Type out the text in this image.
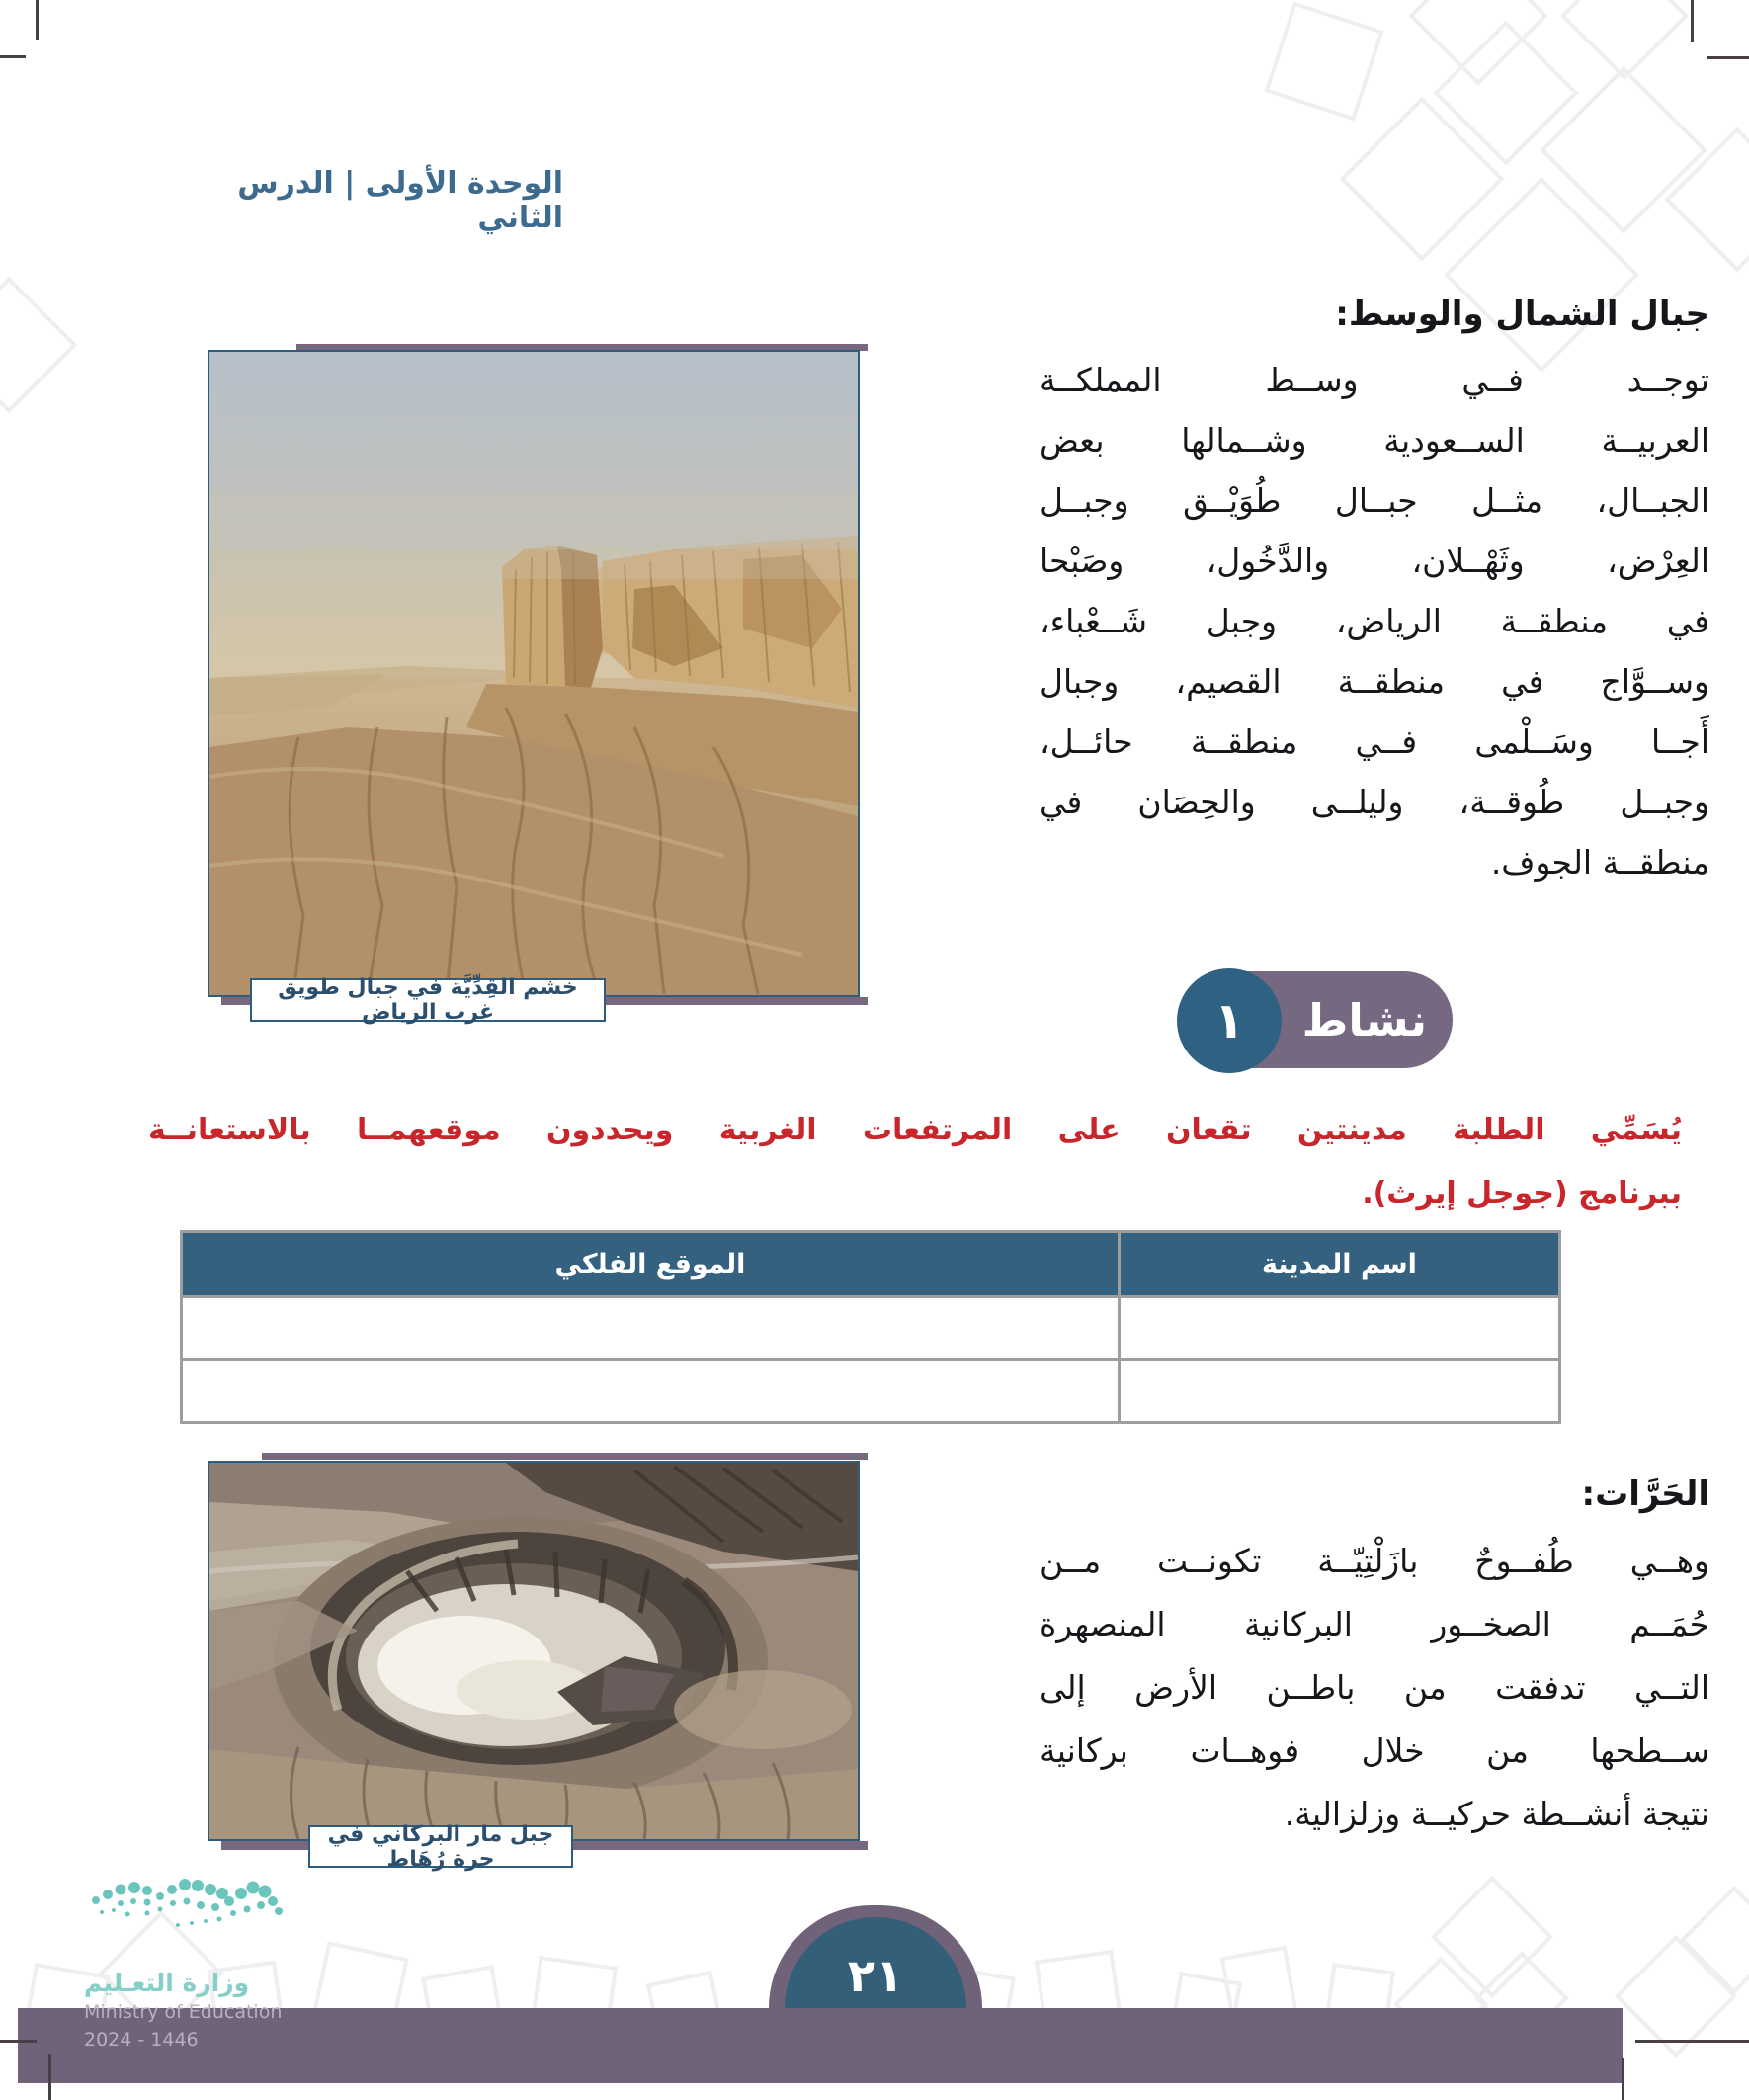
الوحدة الأولى | الدرس الثاني
خشم القِدِّيَّة في جبال طويق غرب الرياض
جبال الشمال والوسط:
توجــد فــي وســط المملكــة
العربيــة الســعودية وشــمالها بعض
الجبــال، مثــل جبــال طُوَيْــق وجبــل
العِرْض، وثَهْــلان، والدَّخُول، وصَبْحا
في منطقــة الرياض، وجبل شَــعْباء،
وســوَّاج في منطقــة القصيم، وجبال
أَجــا وسَــلْمى فــي منطقــة حائــل،
وجبــل طُوقــة، وليلــى والحِصَان في
منطقــة الجوف.
نشاط
١
يُسَمِّي الطلبة مدينتين تقعان على المرتفعات الغربية ويحددون موقعهمــا بالاستعانــة
ببرنامج (جوجل إيرث).
اسم المدينة	الموقع الفلكي

جبل مار البركاني في حرة رُهَاط
الحَرَّات:
وهــي طُفــوحٌ بازَلْتِيّــة تكونــت مــن
حُمَــم الصخــور البركانية المنصهرة
التــي تدفقت من باطــن الأرض إلى
ســطحها من خلال فوهــات بركانية
نتيجة أنشــطة حركيــة وزلزالية.
٢١
وزارة التعـليم
Ministry of Education
2024 - 1446
